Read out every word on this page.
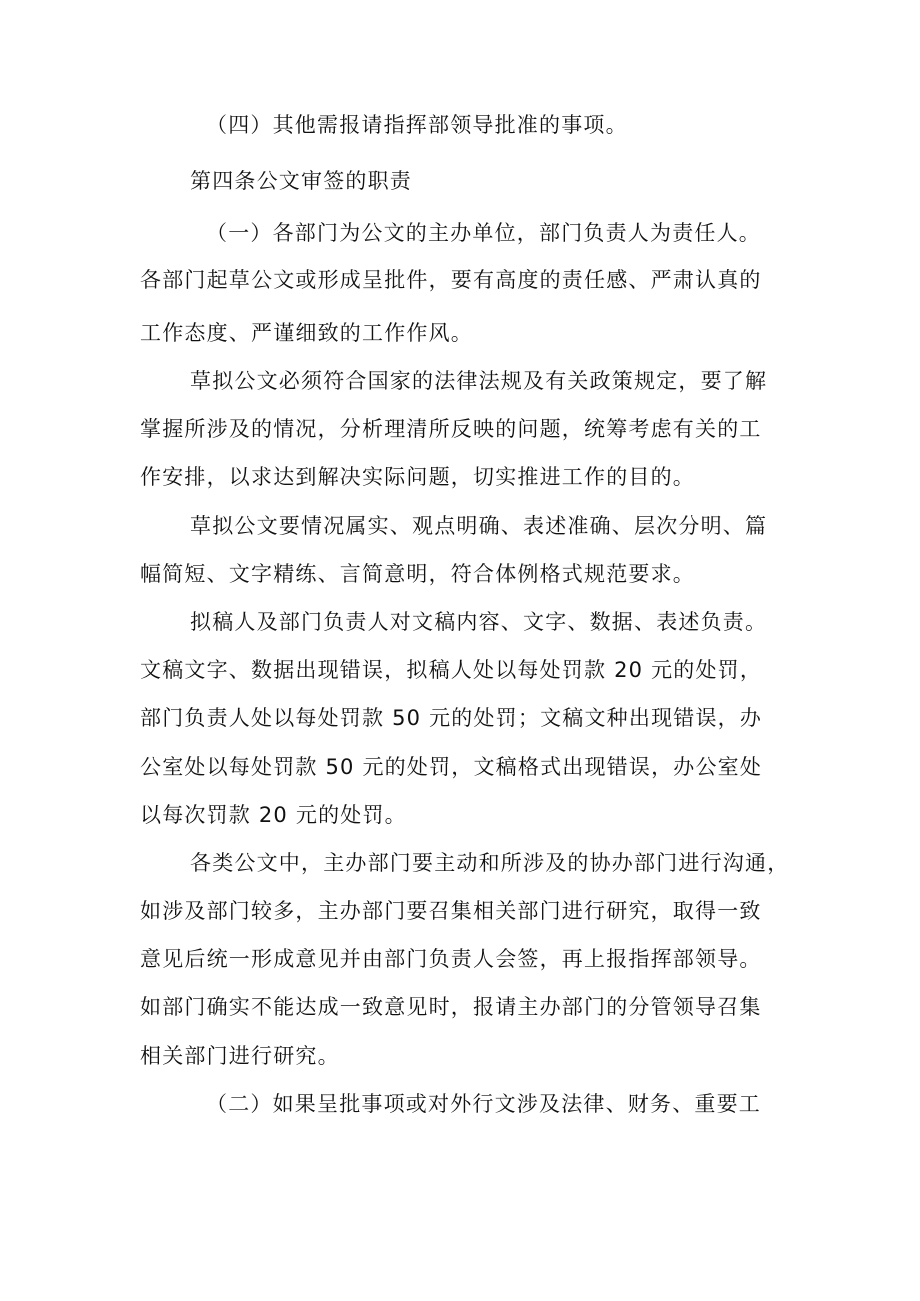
（四）其他需报请指挥部领导批准的事项。
第四条公文审签的职责
（一）各部门为公文的主办单位，部门负责人为责任人。
各部门起草公文或形成呈批件，要有高度的责任感、严肃认真的
工作态度、严谨细致的工作作风。
草拟公文必须符合国家的法律法规及有关政策规定，要了解
掌握所涉及的情况，分析理清所反映的问题，统筹考虑有关的工
作安排，以求达到解决实际问题，切实推进工作的目的。
草拟公文要情况属实、观点明确、表述准确、层次分明、篇
幅简短、文字精练、言简意明，符合体例格式规范要求。
拟稿人及部门负责人对文稿内容、文字、数据、表述负责。
文稿文字、数据出现错误，拟稿人处以每处罚款 20 元的处罚，
部门负责人处以每处罚款 50 元的处罚；文稿文种出现错误，办
公室处以每处罚款 50 元的处罚，文稿格式出现错误，办公室处
以每次罚款 20 元的处罚。
各类公文中，主办部门要主动和所涉及的协办部门进行沟通，
如涉及部门较多，主办部门要召集相关部门进行研究，取得一致
意见后统一形成意见并由部门负责人会签，再上报指挥部领导。
如部门确实不能达成一致意见时，报请主办部门的分管领导召集
相关部门进行研究。
（二）如果呈批事项或对外行文涉及法律、财务、重要工
